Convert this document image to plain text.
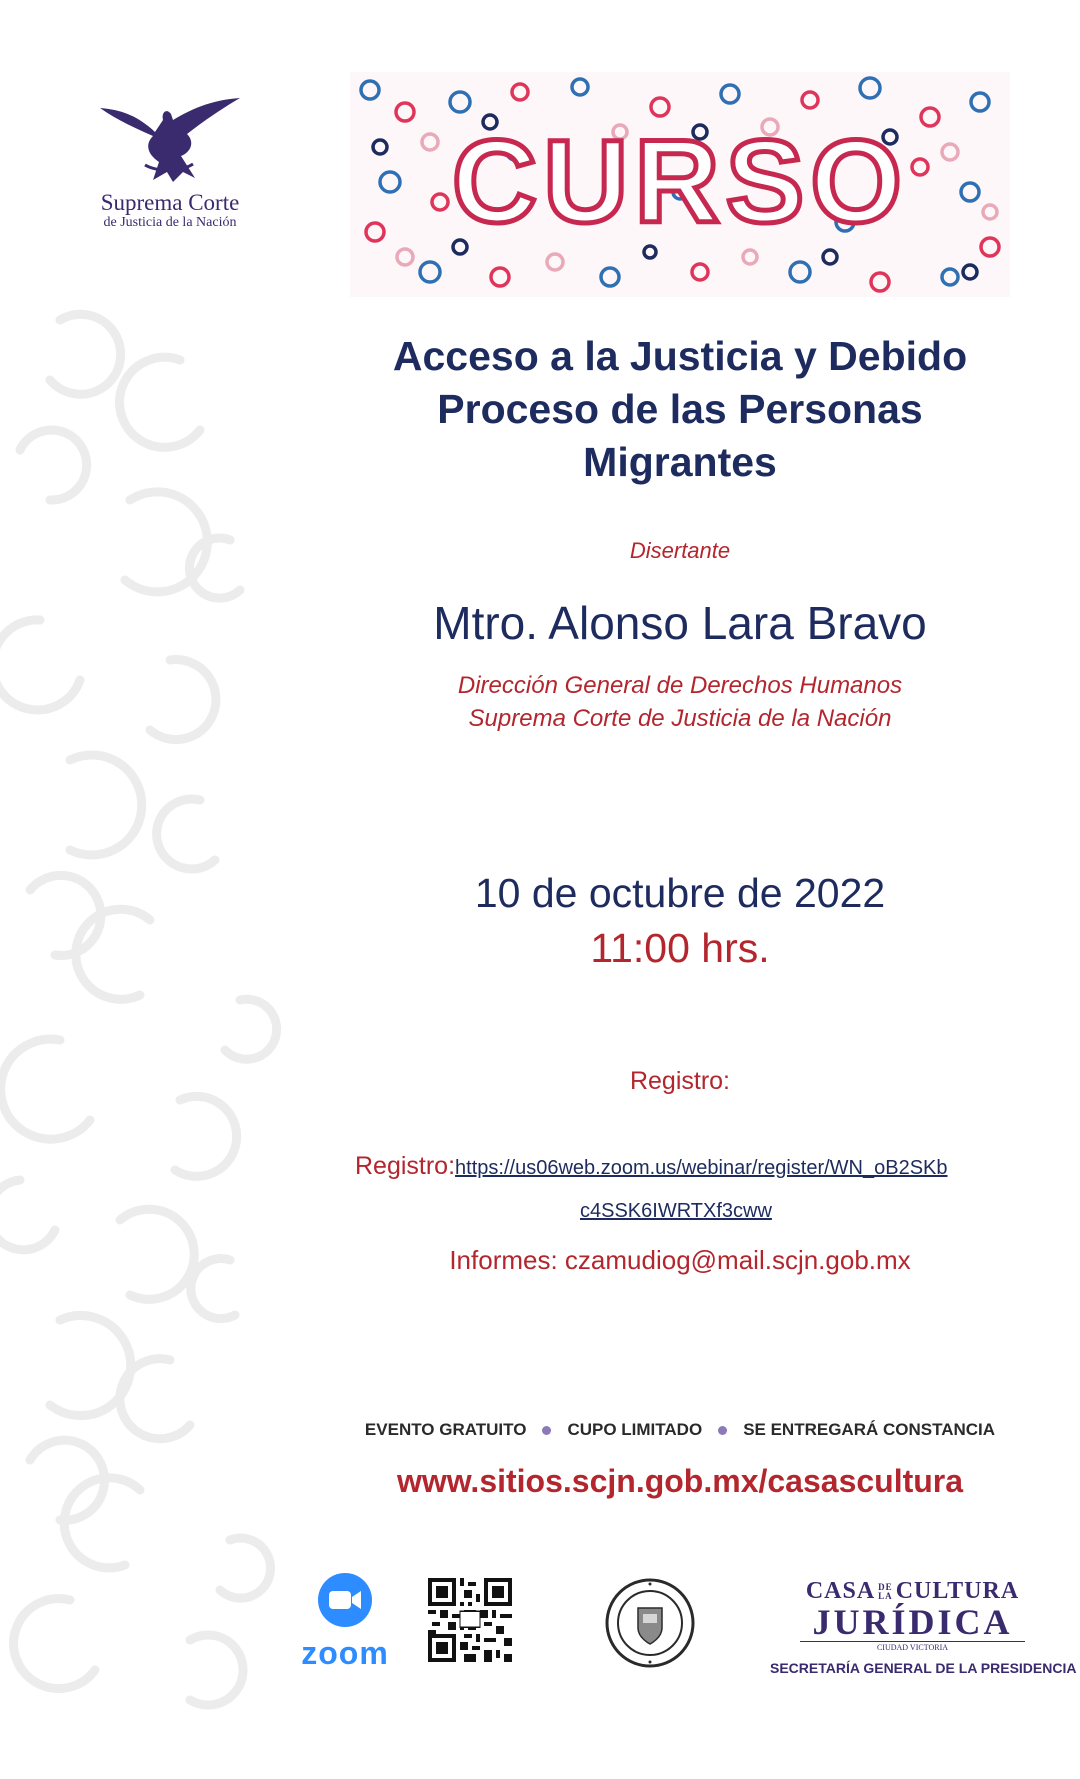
Suprema Corte
de Justicia de la Nación CURSO
Acceso a la Justicia y Debido
Proceso de las Personas
Migrantes
Disertante
Mtro. Alonso Lara Bravo
Dirección General de Derechos Humanos
Suprema Corte de Justicia de la Nación
10 de octubre de 2022
11:00 hrs.
Registro:
Registro:https://us06web.zoom.us/webinar/register/WN_oB2SKb
c4SSK6IWRTXf3cww
Informes: czamudiog@mail.scjn.gob.mx
EVENTO GRATUITO CUPO LIMITADO SE ENTREGARÁ CONSTANCIA
www.sitios.scjn.gob.mx/casascultura
zoom
CASA DE
LA CULTURA
JURÍDICA
CIUDAD VICTORIA
SECRETARÍA GENERAL DE LA PRESIDENCIA
